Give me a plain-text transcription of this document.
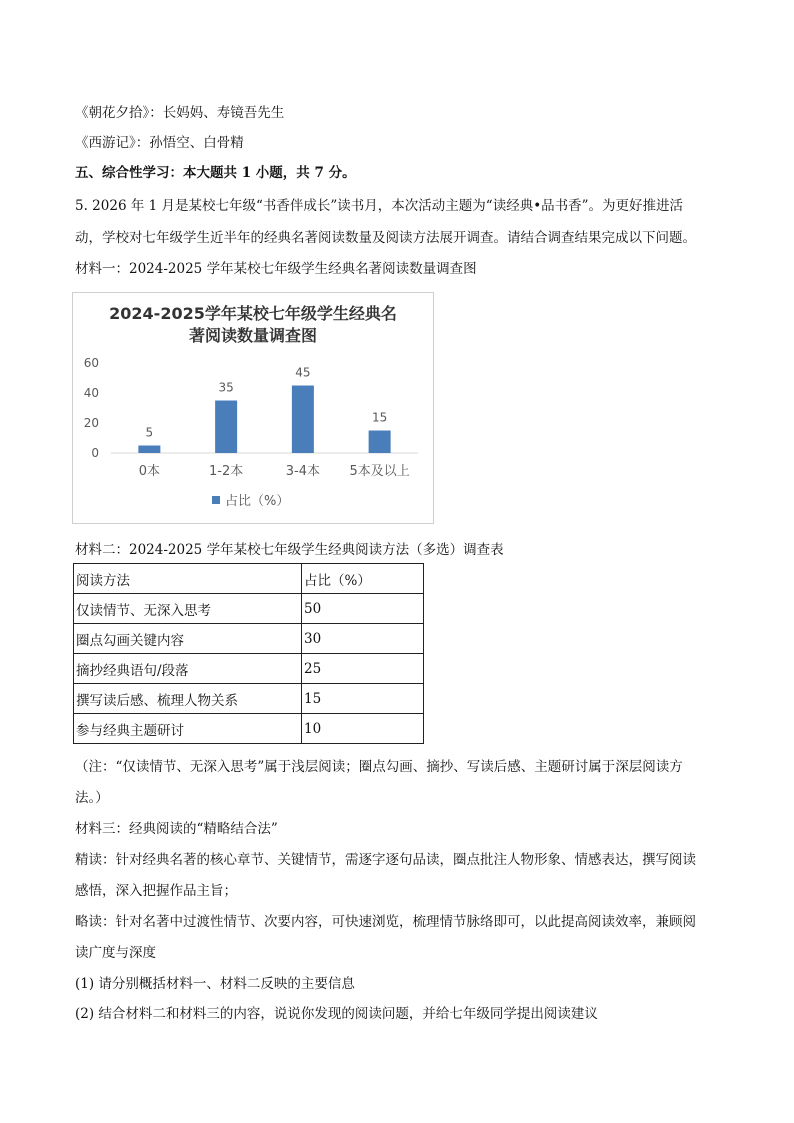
《朝花夕拾》：长妈妈、寿镜吾先生
《西游记》：孙悟空、白骨精
五、综合性学习：本大题共 1 小题，共 7 分。
5. 2026 年 1 月是某校七年级“书香伴成长”读书月，本次活动主题为“读经典•品书香”。为更好推进活
动，学校对七年级学生近半年的经典名著阅读数量及阅读方法展开调查。请结合调查结果完成以下问题。
材料一：2024-2025 学年某校七年级学生经典名著阅读数量调查图
2024-2025学年某校七年级学生经典名
著阅读数量调查图
0
20
40
60
5
0本
35
1-2本
45
3-4本
15
5本及以上
占比（%）
材料二：2024-2025 学年某校七年级学生经典阅读方法（多选）调查表
阅读方法	占比（%）
仅读情节、无深入思考	50
圈点勾画关键内容	30
摘抄经典语句/段落	25
撰写读后感、梳理人物关系	15
参与经典主题研讨	10
（注：“仅读情节、无深入思考”属于浅层阅读；圈点勾画、摘抄、写读后感、主题研讨属于深层阅读方
法。）
材料三：经典阅读的“精略结合法”
精读：针对经典名著的核心章节、关键情节，需逐字逐句品读，圈点批注人物形象、情感表达，撰写阅读
感悟，深入把握作品主旨；
略读：针对名著中过渡性情节、次要内容，可快速浏览，梳理情节脉络即可，以此提高阅读效率，兼顾阅
读广度与深度
(1) 请分别概括材料一、材料二反映的主要信息
(2) 结合材料二和材料三的内容，说说你发现的阅读问题，并给七年级同学提出阅读建议
